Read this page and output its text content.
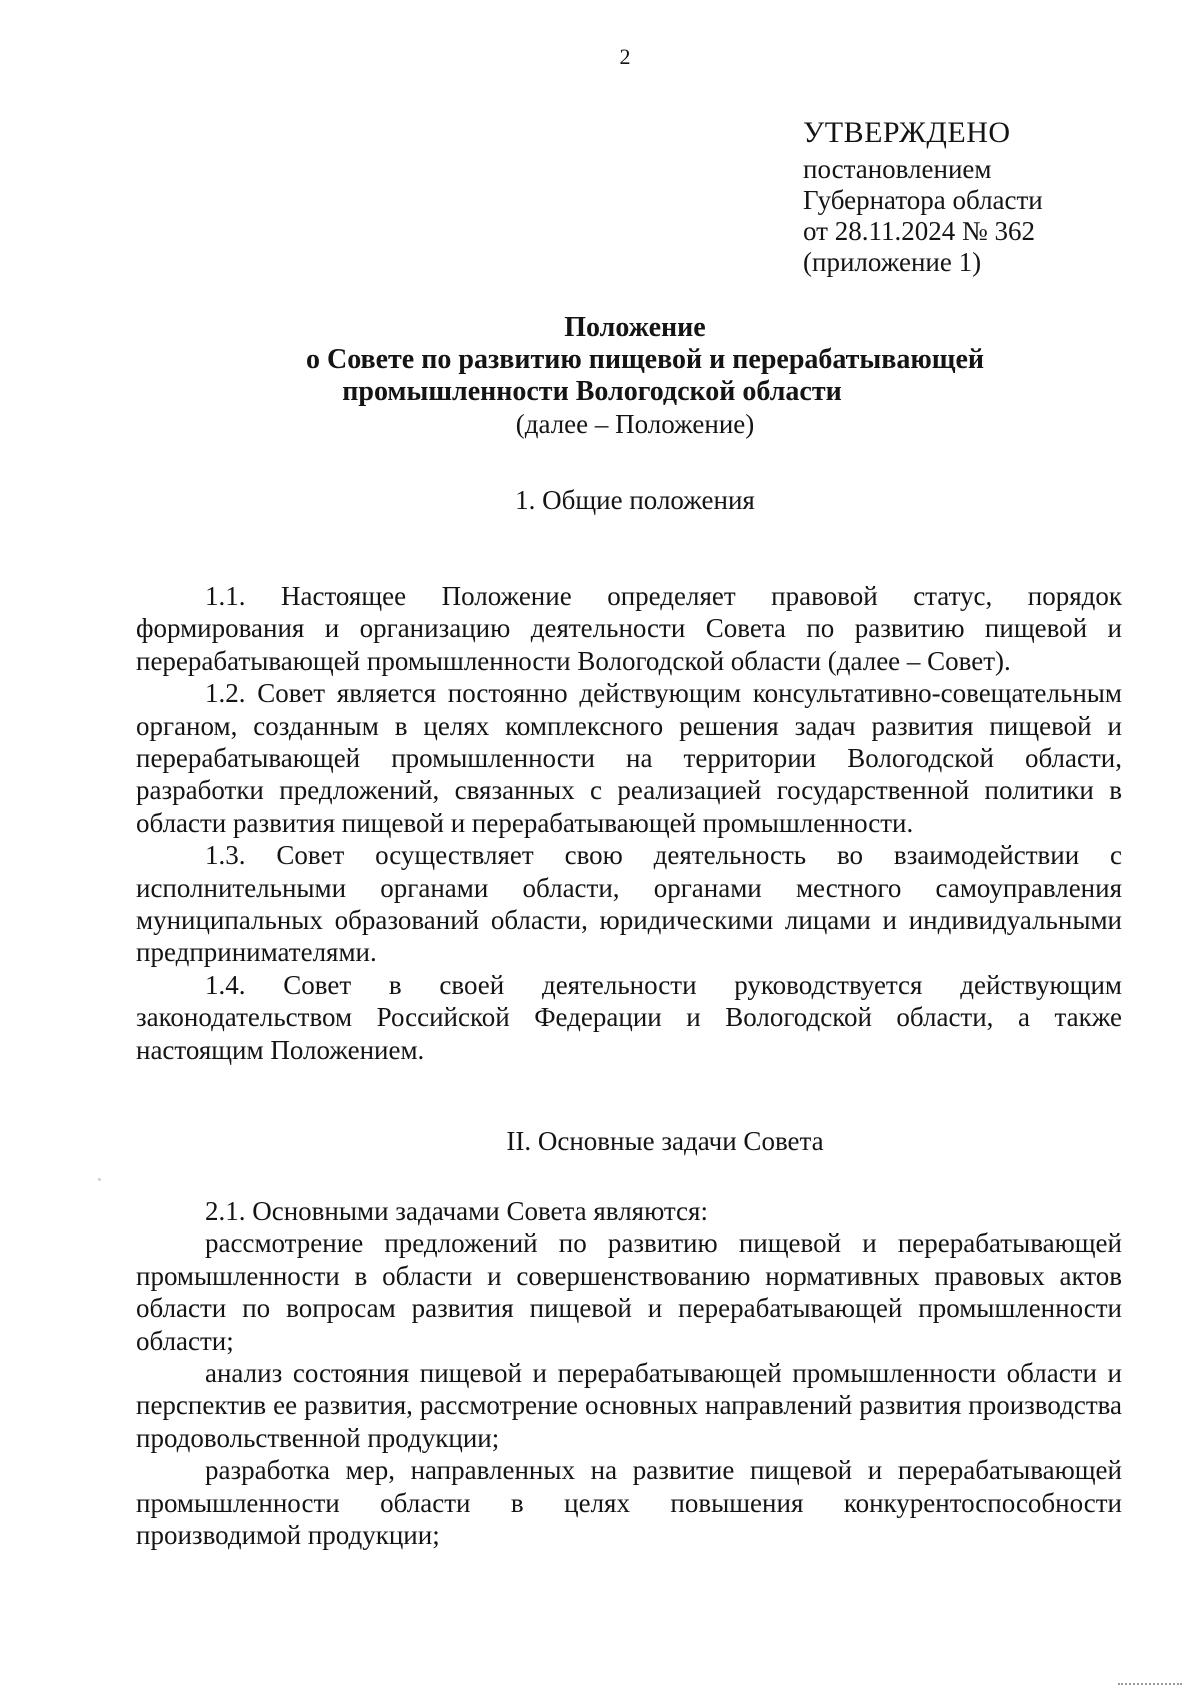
2
УТВЕРЖДЕНО
постановлением
Губернатора области
от 28.11.2024 № 362
(приложение 1)
Положение
о Совете по развитию пищевой и перерабатывающей
промышленности Вологодской области
(далее – Положение)
1. Общие положения

1.1. Настоящее Положение определяет правовой статус, порядок формирования и организацию деятельности Совета по развитию пищевой и перерабатывающей промышленности Вологодской области (далее – Совет).

1.2. Совет является постоянно действующим консультативно-совещательным органом, созданным в целях комплексного решения задач развития пищевой и перерабатывающей промышленности на территории Вологодской области, разработки предложений, связанных с реализацией государственной политики в области развития пищевой и перерабатывающей промышленности.

1.3. Совет осуществляет свою деятельность во взаимодействии с исполнительными органами области, органами местного самоуправления муниципальных образований области, юридическими лицами и индивидуальными предпринимателями.

1.4. Совет в своей деятельности руководствуется действующим законодательством Российской Федерации и Вологодской области, а также настоящим Положением.

II. Основные задачи Совета

2.1. Основными задачами Совета являются:

рассмотрение предложений по развитию пищевой и перерабатывающей промышленности в области и совершенствованию нормативных правовых актов области по вопросам развития пищевой и перерабатывающей промышленности области;

анализ состояния пищевой и перерабатывающей промышленности области и перспектив ее развития, рассмотрение основных направлений развития производства продовольственной продукции;

разработка мер, направленных на развитие пищевой и перерабатывающей промышленности области в целях повышения конкурентоспособности производимой продукции;
